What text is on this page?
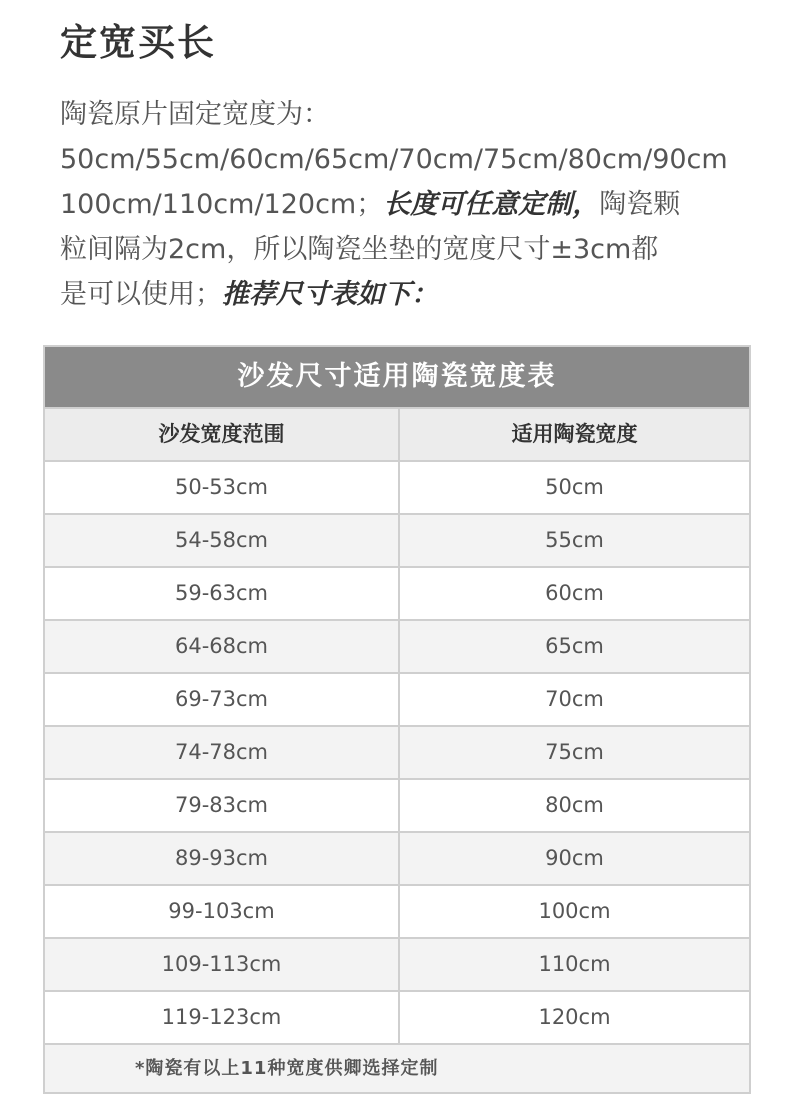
定宽买长
陶瓷原片固定宽度为：
50cm/55cm/60cm/65cm/70cm/75cm/80cm/90cm
100cm/110cm/120cm；长度可任意定制，陶瓷颗
粒间隔为2cm，所以陶瓷坐垫的宽度尺寸±3cm都
是可以使用；推荐尺寸表如下：
沙发尺寸适用陶瓷宽度表
沙发宽度范围	适用陶瓷宽度
50-53cm	50cm
54-58cm	55cm
59-63cm	60cm
64-68cm	65cm
69-73cm	70cm
74-78cm	75cm
79-83cm	80cm
89-93cm	90cm
99-103cm	100cm
109-113cm	110cm
119-123cm	120cm
*陶瓷有以上11种宽度供卿选择定制
